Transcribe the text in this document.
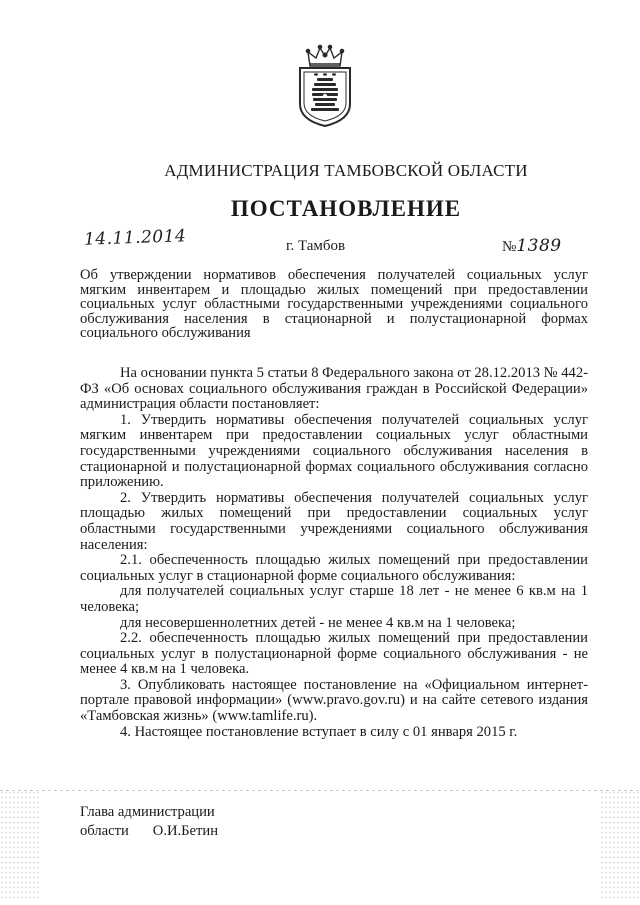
АДМИНИСТРАЦИЯ ТАМБОВСКОЙ ОБЛАСТИ
ПОСТАНОВЛЕНИЕ
14.11.2014	г. Тамбов	№1389
Об утверждении нормативов обеспечения получателей социальных услуг мягким инвентарем и площадью жилых помещений при предоставлении социальных услуг областными государственными учреждениями социального обслуживания населения в стационарной и полустационарной формах социального обслуживания

На основании пункта 5 статьи 8 Федерального закона от 28.12.2013 № 442-ФЗ «Об основах социального обслуживания граждан в Российской Федерации» администрация области постановляет:

1. Утвердить нормативы обеспечения получателей социальных услуг мягким инвентарем при предоставлении социальных услуг областными государственными учреждениями социального обслуживания населения в стационарной и полустационарной формах социального обслуживания согласно приложению.

2. Утвердить нормативы обеспечения получателей социальных услуг площадью жилых помещений при предоставлении социальных услуг областными государственными учреждениями социального обслуживания населения:

2.1. обеспеченность площадью жилых помещений при предоставлении социальных услуг в стационарной форме социального обслуживания:

для получателей социальных услуг старше 18 лет - не менее 6 кв.м на 1 человека;

для несовершеннолетних детей - не менее 4 кв.м на 1 человека;

2.2. обеспеченность площадью жилых помещений при предоставлении социальных услуг в полустационарной форме социального обслуживания - не менее 4 кв.м на 1 человека.

3. Опубликовать настоящее постановление на «Официальном интернет-портале правовой информации» (www.pravo.gov.ru) и на сайте сетевого издания «Тамбовская жизнь» (www.tamlife.ru).

4. Настоящее постановление вступает в силу с 01 января 2015 г.

Глава администрации
области О.И.Бетин
